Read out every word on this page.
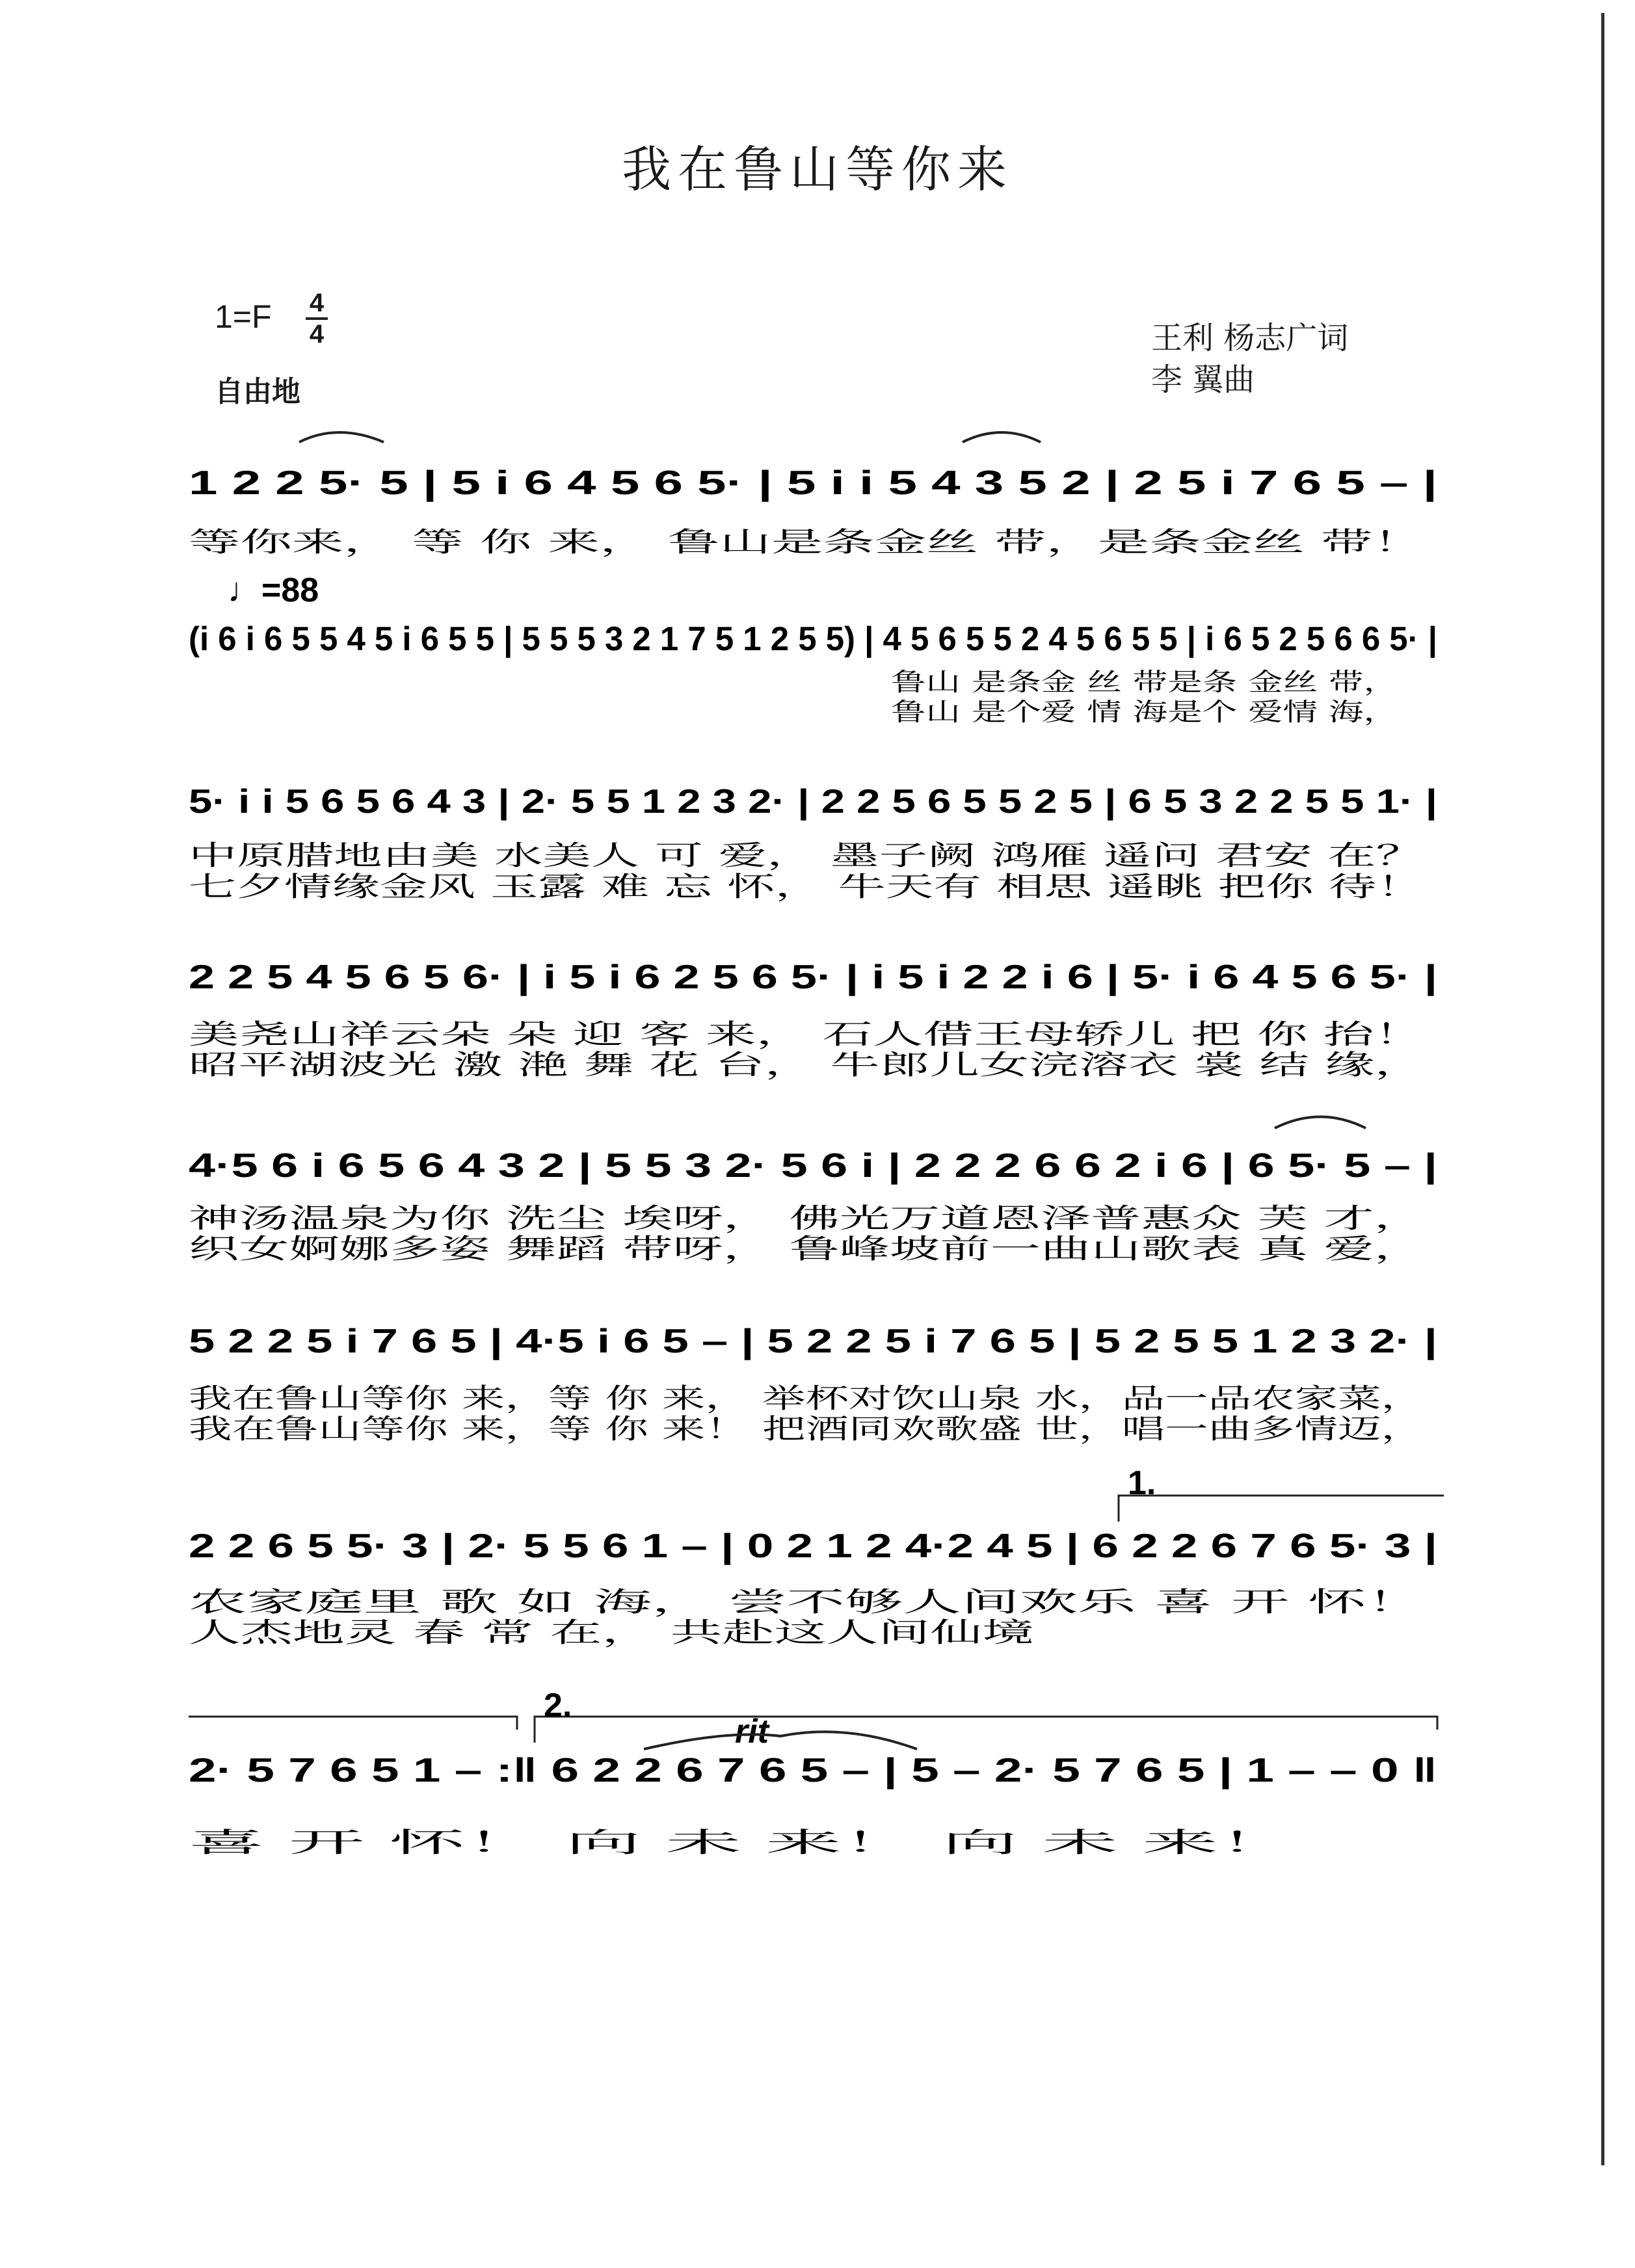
我在鲁山等你来
1=F 4
4
自由地
王利 杨志广词
李 翼曲
1 2 2 5· 5 | 5 i 6 4 5 6 5· | 5 i i 5 4 3 5 2 | 2 5 i 7 6 5 – |
等你来， 等 你 来， 鲁山是条金丝 带，是条金丝 带！
♩=88
(i 6 i 6 5 5 4 5 i 6 5 5 | 5 5 5 3 2 1 7 5 1 2 5 5) | 4 5 6 5 5 2 4 5 6 5 5 | i 6 5 2 5 6 6 5· |
鲁山 是条金 丝 带是条 金丝 带，
鲁山 是个爱 情 海是个 爱情 海，
5· i i 5 6 5 6 4 3 | 2· 5 5 1 2 3 2· | 2 2 5 6 5 5 2 5 | 6 5 3 2 2 5 5 1· |
中原腊地由美 水美人 可 爱， 墨子阙 鸿雁 遥问 君安 在？
七夕情缘金风 玉露 难 忘 怀， 牛天有 相思 遥眺 把你 待！
2 2 5 4 5 6 5 6· | i 5 i 6 2 5 6 5· | i 5 i 2 2 i 6 | 5· i 6 4 5 6 5· |
美尧山祥云朵 朵 迎 客 来， 石人借王母轿儿 把 你 抬！
昭平湖波光 激 滟 舞 花 台， 牛郎儿女浣溶衣 裳 结 缘，
4·5 6 i 6 5 6 4 3 2 | 5 5 3 2· 5 6 i | 2 2 2 6 6 2 i 6 | 6 5· 5 – |
神汤温泉为你 洗尘 埃呀， 佛光万道恩泽普惠众 芙 才，
织女婀娜多姿 舞蹈 带呀， 鲁峰坡前一曲山歌表 真 爱，
5 2 2 5 i 7 6 5 | 4·5 i 6 5 – | 5 2 2 5 i 7 6 5 | 5 2 5 5 1 2 3 2· |
我在鲁山等你 来，等 你 来， 举杯对饮山泉 水，品一品农家菜，
我在鲁山等你 来，等 你 来！ 把酒同欢歌盛 世，唱一曲多情迈，
1.
2 2 6 5 5· 3 | 2· 5 5 6 1 – | 0 2 1 2 4·2 4 5 | 6 2 2 6 7 6 5· 3 |
农家庭里 歌 如 海， 尝不够人间欢乐 喜 开 怀！
人杰地灵 春 常 在， 共赴这人间仙境
2.
rit
2· 5 7 6 5 1 – :‖ 6 2 2 6 7 6 5 – | 5 – 2· 5 7 6 5 | 1 – – 0 ‖
喜 开 怀！ 向 未 来！ 向 未 来！
